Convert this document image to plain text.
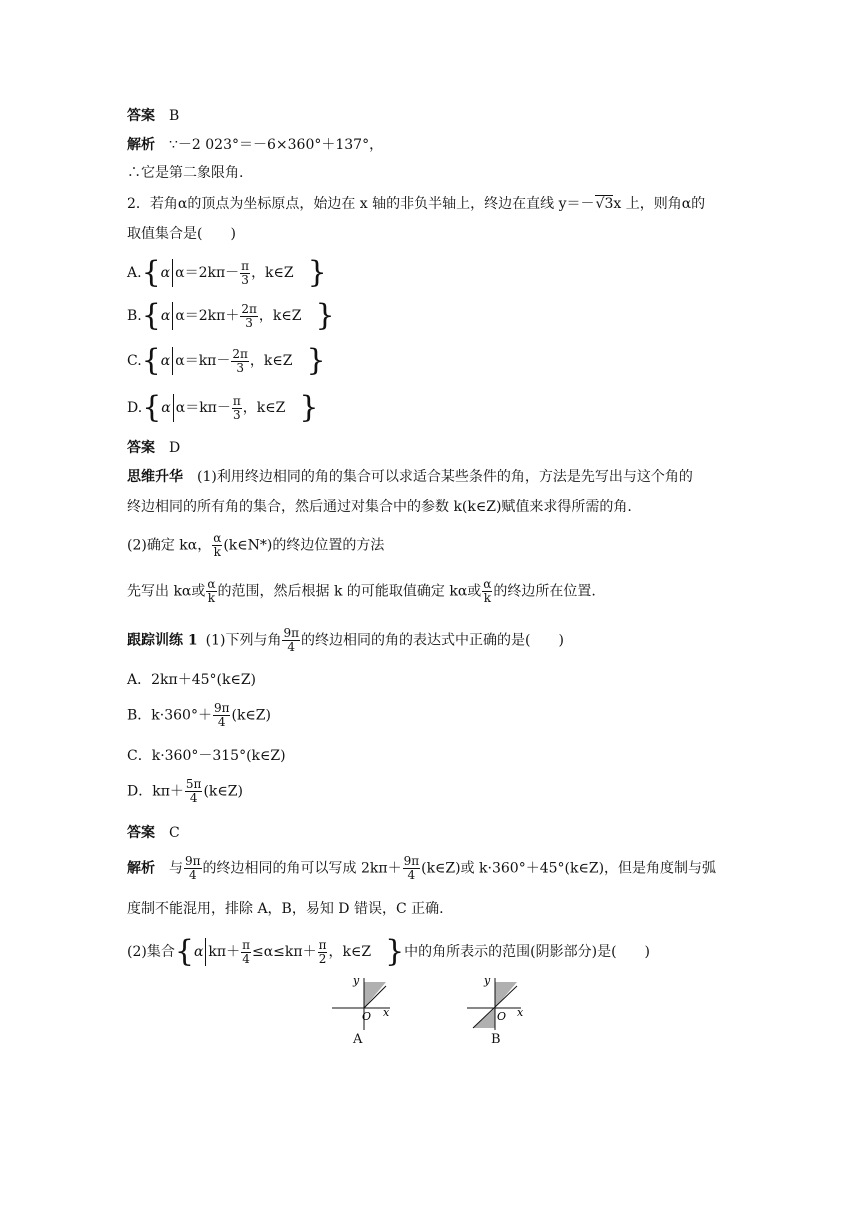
答案 B
解析 ∵－2 023°＝－6×360°＋137°，
∴它是第二象限角.
2．若角α的顶点为坐标原点，始边在 x 轴的非负半轴上，终边在直线 y＝－√3x 上，则角α的
取值集合是(　　)
A.{α $\alpha=2k\pi- \frac{\pi}{3}$ ，k∈Z }
B.{α $\alpha=2k\pi+ \frac{2\pi}{3}$ ，k∈Z }
C.{α $\alpha=k\pi- \frac{2\pi}{3}$ ，k∈Z }
D.{α $\alpha=k\pi- \frac{\pi}{3}$ ，k∈Z }
答案 D
思维升华 (1)利用终边相同的角的集合可以求适合某些条件的角，方法是先写出与这个角的
终边相同的所有角的集合，然后通过对集合中的参数 k(k∈Z)赋值来求得所需的角.
(2)确定 kα， $\frac{\alpha}{k}$ (k∈N*)的终边位置的方法
先写出 kα或 $\frac{\alpha}{k}$ 的范围，然后根据 k 的可能取值确定 kα或 $\frac{\alpha}{k}$ 的终边所在位置.
跟踪训练 1 (1)下列与角 $\frac{9\pi}{4}$ 的终边相同的角的表达式中正确的是(　　)
A．2kπ＋45°(k∈Z)
B．$k\cdot 360^\circ+ \frac{9\pi}{4}$ (k∈Z)
C．k·360°－315°(k∈Z)
D．$k\pi+ \frac{5\pi}{4}$ (k∈Z)
答案 C
解析 与 $\frac{9\pi}{4}$ 的终边相同的角可以写成 $2k\pi+ \frac{9\pi}{4}$ (k∈Z)或 k·360°＋45°(k∈Z)，但是角度制与弧
度制不能混用，排除 A，B，易知 D 错误，C 正确.
(2)集合{α $k\pi+ \frac{\pi}{4} \le\alpha\le k\pi+ \frac{\pi}{2}$ ，k∈Z }中的角所表示的范围(阴影部分)是(　　)
y
x
O
A
y
x
O
B
